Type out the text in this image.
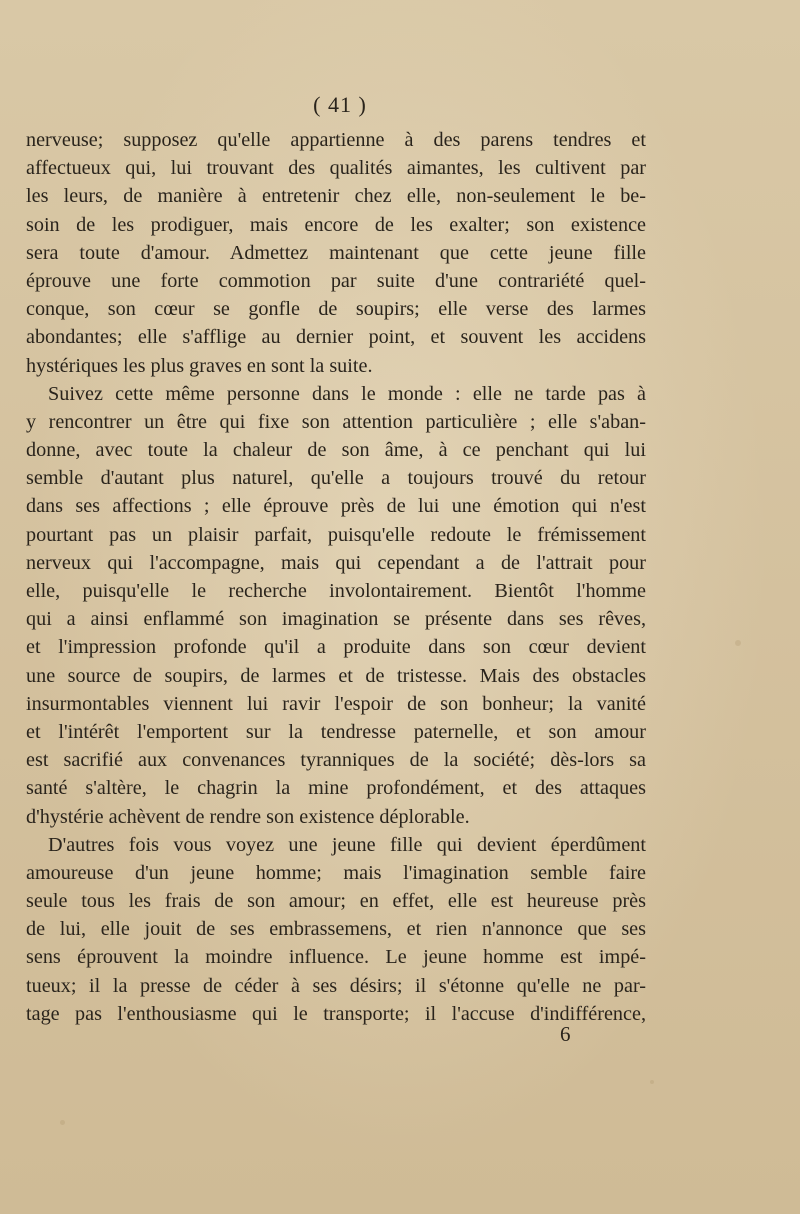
( 41 )
nerveuse; supposez qu'elle appartienne à des parens tendres et
affectueux qui, lui trouvant des qualités aimantes, les cultivent par
les leurs, de manière à entretenir chez elle, non-seulement le be-
soin de les prodiguer, mais encore de les exalter; son existence
sera toute d'amour. Admettez maintenant que cette jeune fille
éprouve une forte commotion par suite d'une contrariété quel-
conque, son cœur se gonfle de soupirs; elle verse des larmes
abondantes; elle s'afflige au dernier point, et souvent les accidens
hystériques les plus graves en sont la suite.
Suivez cette même personne dans le monde : elle ne tarde pas à
y rencontrer un être qui fixe son attention particulière ; elle s'aban-
donne, avec toute la chaleur de son âme, à ce penchant qui lui
semble d'autant plus naturel, qu'elle a toujours trouvé du retour
dans ses affections ; elle éprouve près de lui une émotion qui n'est
pourtant pas un plaisir parfait, puisqu'elle redoute le frémissement
nerveux qui l'accompagne, mais qui cependant a de l'attrait pour
elle, puisqu'elle le recherche involontairement. Bientôt l'homme
qui a ainsi enflammé son imagination se présente dans ses rêves,
et l'impression profonde qu'il a produite dans son cœur devient
une source de soupirs, de larmes et de tristesse. Mais des obstacles
insurmontables viennent lui ravir l'espoir de son bonheur; la vanité
et l'intérêt l'emportent sur la tendresse paternelle, et son amour
est sacrifié aux convenances tyranniques de la société; dès-lors sa
santé s'altère, le chagrin la mine profondément, et des attaques
d'hystérie achèvent de rendre son existence déplorable.
D'autres fois vous voyez une jeune fille qui devient éperdûment
amoureuse d'un jeune homme; mais l'imagination semble faire
seule tous les frais de son amour; en effet, elle est heureuse près
de lui, elle jouit de ses embrassemens, et rien n'annonce que ses
sens éprouvent la moindre influence. Le jeune homme est impé-
tueux; il la presse de céder à ses désirs; il s'étonne qu'elle ne par-
tage pas l'enthousiasme qui le transporte; il l'accuse d'indifférence,
6
